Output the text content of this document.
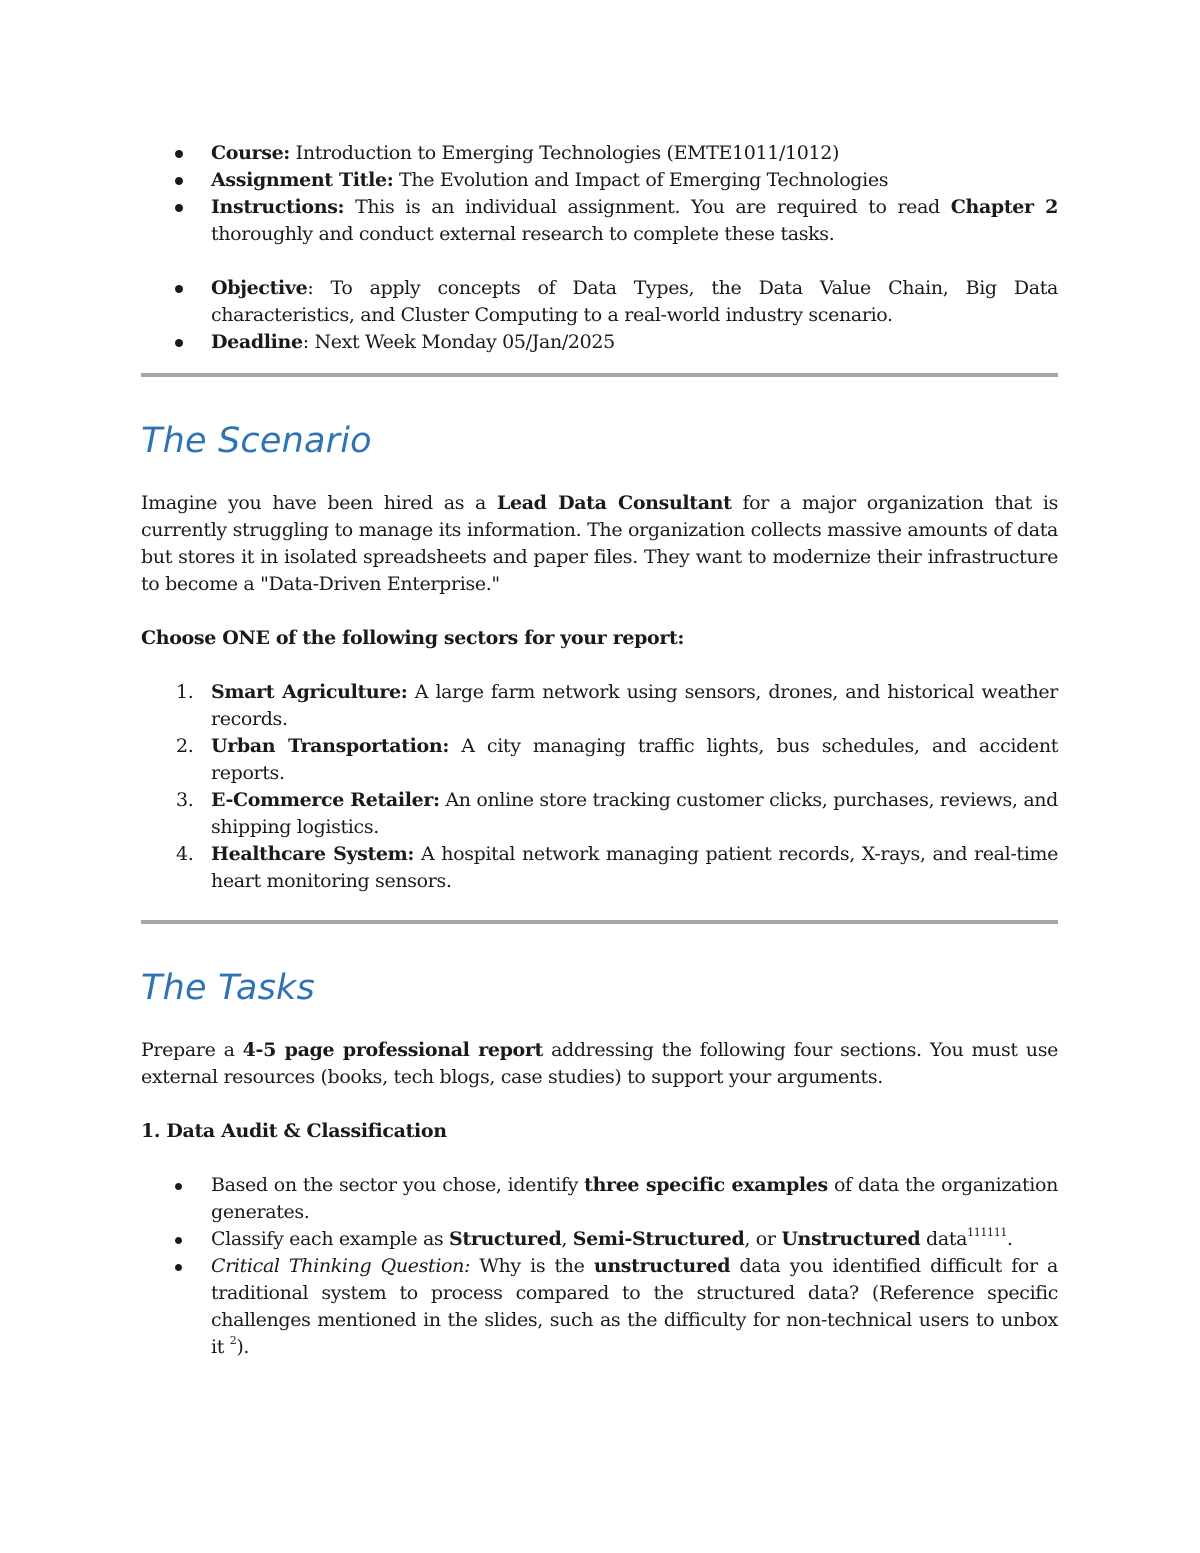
Course: Introduction to Emerging Technologies (EMTE1011/1012)
Assignment Title: The Evolution and Impact of Emerging Technologies
Instructions: This is an individual assignment. You are required to read Chapter 2 thoroughly and conduct external research to complete these tasks.
Objective: To apply concepts of Data Types, the Data Value Chain, Big Data characteristics, and Cluster Computing to a real-world industry scenario.
Deadline: Next Week Monday 05/Jan/2025
The Scenario

Imagine you have been hired as a Lead Data Consultant for a major organization that is currently struggling to manage its information. The organization collects massive amounts of data but stores it in isolated spreadsheets and paper files. They want to modernize their infrastructure to become a "Data-Driven Enterprise."

Choose ONE of the following sectors for your report:

1. Smart Agriculture: A large farm network using sensors, drones, and historical weather records.
2. Urban Transportation: A city managing traffic lights, bus schedules, and accident reports.
3. E-Commerce Retailer: An online store tracking customer clicks, purchases, reviews, and shipping logistics.
4. Healthcare System: A hospital network managing patient records, X-rays, and real-time heart monitoring sensors.
The Tasks

Prepare a 4-5 page professional report addressing the following four sections. You must use external resources (books, tech blogs, case studies) to support your arguments.

1. Data Audit & Classification

Based on the sector you chose, identify three specific examples of data the organization generates.
Classify each example as Structured, Semi-Structured, or Unstructured data$^{111111}$.
Critical Thinking Question: Why is the unstructured data you identified difficult for a traditional system to process compared to the structured data? (Reference specific challenges mentioned in the slides, such as the difficulty for non-technical users to unbox it $^2$).
